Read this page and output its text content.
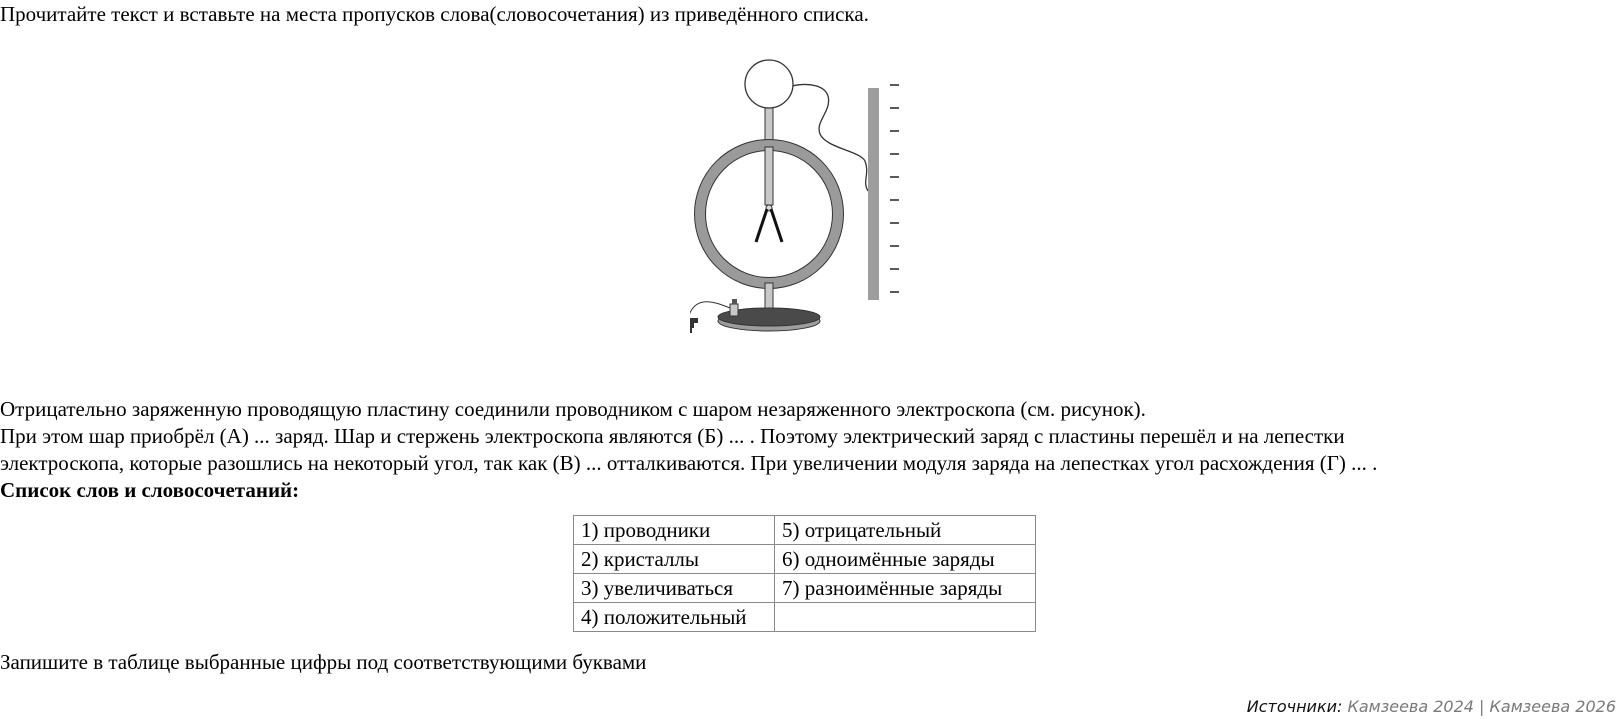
Прочитайте текст и вставьте на места пропусков слова(словосочетания) из приведённого списка.
Отрицательно заряженную проводящую пластину соединили проводником с шаром незаряженного электроскопа (см. рисунок).
При этом шар приобрёл (А) ... заряд. Шар и стержень электроскопа являются (Б) ... . Поэтому электрический заряд с пластины перешёл и на лепестки
электроскопа, которые разошлись на некоторый угол, так как (В) ... отталкиваются. При увеличении модуля заряда на лепестках угол расхождения (Г) ... .
Список слов и словосочетаний:
1) проводники	5) отрицательный
2) кристаллы	6) одноимённые заряды
3) увеличиваться	7) разноимённые заряды
4) положительный	
Запишите в таблице выбранные цифры под соответствующими буквами
Источники: Камзеева 2024 | Камзеева 2026
